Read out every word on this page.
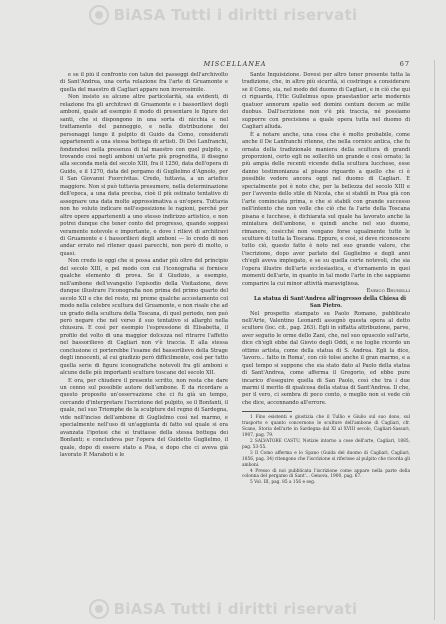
BiASA Tutti i diritti riservati
MISCELLANEA	67

e se il più il confronto con talun dei passeggi dell'archivolto di Sant'Andrea, una certa relazione fra l'arte di Gruamonte e quella del maestro di Cagliari appare non inverosimile.

Non insisto su alcune altre particolarità, sia evidenti, di relazione fra gli architravi di Gruamonte e i bassorilievi degli amboni, quale ad esempio il modo di presentare le figure dei santi, che si dispongono in una sorta di nicchia e nel trattamento del panneggio, e nella distribuzione dei personaggi lungo il pulpito di Guido da Como, considerati appartenenti a una stessa bottega di artisti. Di Dei Lanfranchi, fondendosi nella presenza di tal maestro con quel pulpito, e trovando così negli amboni un'arte più progredita, il disegno alla seconda metà del secolo XIII, fra il 1250, data dell'opera di Guido, e il 1270, data del pergamo di Guglielmo d'Agnolo, per il San Giovanni Fuorcivitas. Credo, tuttavia, a un artefice maggiore. Non si può tuttavia presumere, nella determinazione dell'epoca, a una data precisa, cioè il più ostinato tentativo di assegnare una data molto approssimativa a un'opera. Tuttavia non ho voluto indicare nell'esposizione le ragioni, perché per altre opere appartenenti a uno stesso indirizzo artistico, e non potrei dunque che tener conto del progresso, quando soppesi veramente notevole e importante, e dove i rilievi di architravi di Gruamonte e i bassorilievi degli amboni — lo credo di non andar errato nel ritener quasi parecchi, non però di molto, o quasi.

Non credo io oggi che si possa andar più oltre del principio del secolo XIII, e pel modo con cui l'iconografia si fornisce qualche elemento di prova. Se il Giudizio, a esempio, nell'ambone dell'evangelio l'episodio della Visitazione, deve dunque illustrare l'iconografia non prima del primo quarto del secolo XII e che del resto, mi preme qualche accostamento col modo nella celebre scultura del Gruamonte, e non risale che ad un grado della scultura della Toscana, di quel periodo, non può però negare che nel verso il suo tentativo si allarghi nella chiusura. E così per esempio l'espressione di Elisabetta, il profilo del volto di una maggior dolcezza nel ritrarre l'affetto nel bassorilievo di Cagliari non v'è traccia. E alla stessa conclusione ci porterebbe l'esame del bassorilievo della Strage degli innocenti, al cui giudizio però difficilmente, così per tutto quella serie di figure iconografiche notevoli fra gli amboni e alcune delle più importanti sculture toscane del secolo XII.

E ora, per chiudere il presente scritto, non resta che dare un cenno sul possibile autore dell'ambone. È da ricordare a questo proposito un'osservazione che ci fu già un tempo, cercando d'interpretare l'iscrizione del pulpito, se il Bonfanti, il quale, nel suo Triomphe de la sculpture del regno di Sardegna, vide nell'inciso dell'ambone di Guglielmo così nel marmo, e specialmente nell'uso di un'aggiunta di fatto sul quale si era avanzata l'ipotesi che si trattasse della stessa bottega dei Bonfanti; e concludeva per l'opera del Guidetto Guglielmo, il quale, dopo di essere stato a Pisa, e dopo che ci aveva già lavorato P. Maraboti e le

Sante Inquisizione. Dovesi per altro tener presente tutta la tradizione, che, in altro più sicurità, si costringe a considerare se il Como, sia, nel modo del duomo di Cagliari, e in ciò che qui ci riguarda, l'Hic Gullelmus opus praestantior arte modernis quatuor annorum spatio sed domini centum decem ac mille duobus. Dall'iscrizione non v'è più traccia, né possiamo supporre con precisione a quale opera tutta nel duomo di Cagliari alluda.

È a notare anche, una cosa che è molto probabile, come anche il De Lanfranchi ritenne, che nella cornice antica, che fu ornata della tradizionale maniera della scultura di grandi proporzioni, certo egli ne sollecitò un grande e così ornato; la più ampia delle recenti vicende della scultura lucchese, esse danno testimonianza al pisano riguardo a quello che ci è possibile vedere ancora oggi nel duomo di Cagliari. E specialmente poi è noto che, per la bellezza del secolo XIII e per l'avvento dello stile di Nicola, che si stabilì in Pisa già con l'arte cominciata prima, e che si stabilì con grande successo nell'intento che non volle che ciò che fa l'arte della Toscana pisana e lucchese, è dichiarata sul quale ha lavorato anche la miniatura dell'ambone, e quindi anche nel suo duomo, rimanere, cosicché non vengano forse ugualmente tutte le sculture di tutta la Toscana. Eppure, e così, si deve riconoscere tutto ciò, questo fatto è noto nel suo grande valore, che l'iscrizione, dopo aver parlato del Guglielmo e degli anni ch'egli aveva impiegato, e se su quella certe notevoli, che sia l'opera illustre dell'arte ecclesiastica, e d'ornamento in quei momenti dell'arte, in quanto in tal modo l'arte in che sappiamo comparire la cui minor attività maravigliosa.

Enrico Brunelli

La statua di Sant'Andrea all'ingresso della Chiesa di San Pietro.

Nel prospetto stampato su Paolo Romano, pubblicato nell'Arte, Valentino Leonardi assegnò questa opera al detto scultore (loc. cit., pag. 263). Egli in siffatta attribuzione, parve, aver seguito le orme dello Zani, che, nel suo opuscolo sull'arte, dice ch'egli ebbe dal Giovio degli Oddi, e ne toglie ricordo un ottimo artista, come della statua di S. Andrea. Egli la dice, 'lavoro... fatto in Roma', con ciò tolse anche il gran marmo, e a quel tempo si suppone che sia stato dato al Paolo della statua di Sant'Andrea, come afferma il Gregorio, ed ebbe pure incarico d'eseguire quella di San Paolo, così che tra i due marmi il merito di qualcosa della statua di Sant'Andrea. Il che, per il vero, ci sembra di poco conto, o meglio non si vede ciò che dice, accennando all'errore.

1 Fino esistenti e giustizia che il Tullio e Giulio sul suo dono, sul trasporto e quanto concernono le sculture dell'ambone di Cagliari, cfr. Scano, Storia dell'arte in Sardegna dal XI al XVIII secolo, Cagliari-Sassari, 1907, pag. 79.

2 SALVATORE CASTU, Notizie intorno a cose dell'arte, Cagliari, 1885, pag. 53-55.

3 Il Como afferma e lo Spano (Guida del duomo di Cagliari, Cagliari, 1856, pag. 34) ritengono che l'iscrizione si riferisse al pulpito che ricorda gli amboni.

4 Presso di noi pubblicata l'iscrizione come appare nella parte della colonna del pergamo di Sant'... Genova, 1900, pag. 67.

5 Vol. III, pag. 85 a 156 e seg.

BiASA Tutti i diritti riservati
